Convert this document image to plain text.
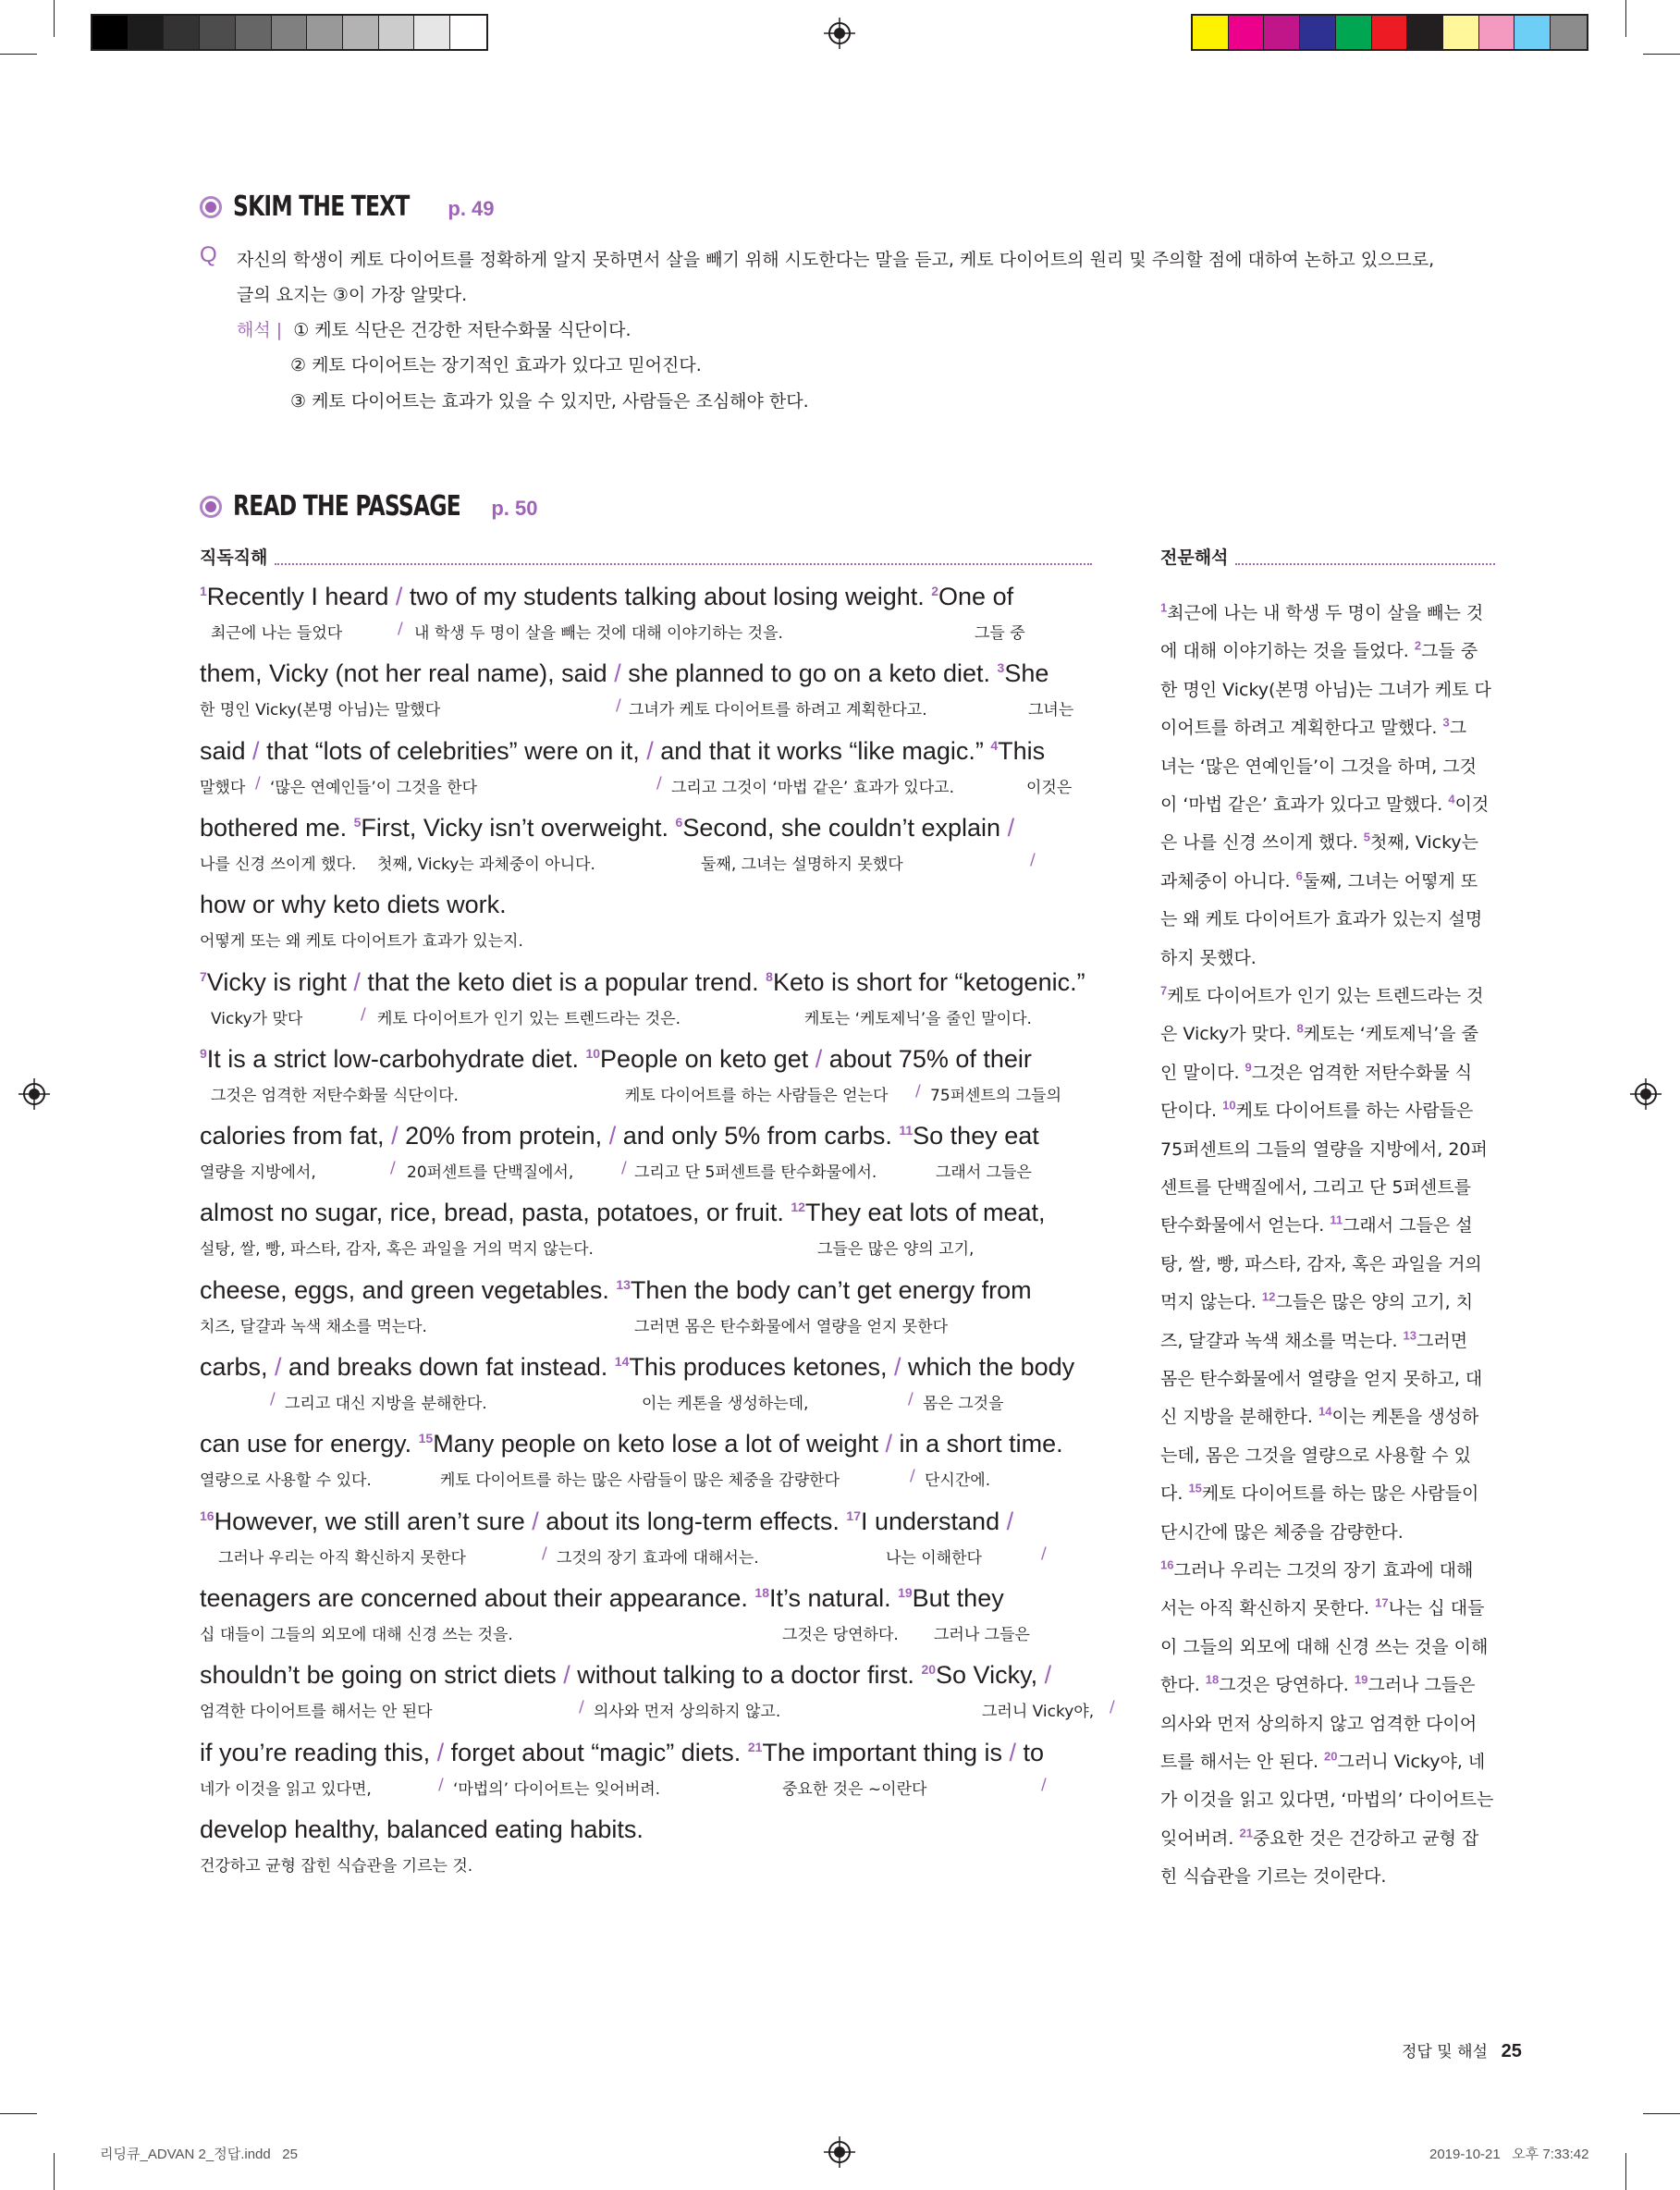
SKIM THE TEXT p. 49
Q 자신의 학생이 케토 다이어트를 정확하게 알지 못하면서 살을 빼기 위해 시도한다는 말을 듣고, 케토 다이어트의 원리 및 주의할 점에 대하여 논하고 있으므로,
글의 요지는 ③이 가장 알맞다.
해석 | ① 케토 식단은 건강한 저탄수화물 식단이다.
② 케토 다이어트는 장기적인 효과가 있다고 믿어진다.
③ 케토 다이어트는 효과가 있을 수 있지만, 사람들은 조심해야 한다.
READ THE PASSAGE p. 50
직독직해	전문해석
$^1$Recently I heard / two of my students talking about losing weight. $^2$One of
최근에 나는 들었다	/ 내 학생 두 명이 살을 빼는 것에 대해 이야기하는 것을.	그들 중
them, Vicky (not her real name), said / she planned to go on a keto diet. $^3$She
한 명인 Vicky(본명 아님)는 말했다	/ 그녀가 케토 다이어트를 하려고 계획한다고.	그녀는
said / that “lots of celebrities” were on it, / and that it works “like magic.” $^4$This
말했다 / ‘많은 연예인들’이 그것을 한다	/ 그리고 그것이 ‘마법 같은’ 효과가 있다고.	이것은
bothered me. $^5$First, Vicky isn’t overweight. $^6$Second, she couldn’t explain /
나를 신경 쓰이게 했다. 첫째, Vicky는 과체중이 아니다.	둘째, 그녀는 설명하지 못했다	/
how or why keto diets work.
어떻게 또는 왜 케토 다이어트가 효과가 있는지.
$^7$Vicky is right / that the keto diet is a popular trend. $^8$Keto is short for “ketogenic.”
Vicky가 맞다	/ 케토 다이어트가 인기 있는 트렌드라는 것은.	케토는 ‘케토제닉’을 줄인 말이다.
$^9$It is a strict low-carbohydrate diet. $^{10}$People on keto get / about 75% of their
그것은 엄격한 저탄수화물 식단이다.	케토 다이어트를 하는 사람들은 얻는다 / 75퍼센트의 그들의
calories from fat, / 20% from protein, / and only 5% from carbs. $^{11}$So they eat
열량을 지방에서,	/ 20퍼센트를 단백질에서,	/ 그리고 단 5퍼센트를 탄수화물에서.	그래서 그들은
almost no sugar, rice, bread, pasta, potatoes, or fruit. $^{12}$They eat lots of meat,
설탕, 쌀, 빵, 파스타, 감자, 혹은 과일을 거의 먹지 않는다.	그들은 많은 양의 고기,
cheese, eggs, and green vegetables. $^{13}$Then the body can’t get energy from
치즈, 달걀과 녹색 채소를 먹는다.	그러면 몸은 탄수화물에서 열량을 얻지 못한다
carbs, / and breaks down fat instead. $^{14}$This produces ketones, / which the body
/ 그리고 대신 지방을 분해한다.	이는 케톤을 생성하는데,	/ 몸은 그것을
can use for energy. $^{15}$Many people on keto lose a lot of weight / in a short time.
열량으로 사용할 수 있다.	케토 다이어트를 하는 많은 사람들이 많은 체중을 감량한다	/ 단시간에.
$^{16}$However, we still aren’t sure / about its long-term effects. $^{17}$I understand /
그러나 우리는 아직 확신하지 못한다	/ 그것의 장기 효과에 대해서는.	나는 이해한다	/
teenagers are concerned about their appearance. $^{18}$It’s natural. $^{19}$But they
십 대들이 그들의 외모에 대해 신경 쓰는 것을.	그것은 당연하다. 그러나 그들은
shouldn’t be going on strict diets / without talking to a doctor first. $^{20}$So Vicky, /
엄격한 다이어트를 해서는 안 된다	/ 의사와 먼저 상의하지 않고.	그러니 Vicky야, /
if you’re reading this, / forget about “magic” diets. $^{21}$The important thing is / to
네가 이것을 읽고 있다면,	/ ‘마법의’ 다이어트는 잊어버려.	중요한 것은 ~이란다	/
develop healthy, balanced eating habits.
건강하고 균형 잡힌 식습관을 기르는 것.
$^1$최근에 나는 내 학생 두 명이 살을 빼는 것
에 대해 이야기하는 것을 들었다. $^2$그들 중
한 명인 Vicky(본명 아님)는 그녀가 케토 다
이어트를 하려고 계획한다고 말했다. $^3$그
녀는 ‘많은 연예인들’이 그것을 하며, 그것
이 ‘마법 같은’ 효과가 있다고 말했다. $^4$이것
은 나를 신경 쓰이게 했다. $^5$첫째, Vicky는
과체중이 아니다. $^6$둘째, 그녀는 어떻게 또
는 왜 케토 다이어트가 효과가 있는지 설명
하지 못했다.
$^7$케토 다이어트가 인기 있는 트렌드라는 것
은 Vicky가 맞다. $^8$케토는 ‘케토제닉’을 줄
인 말이다. $^9$그것은 엄격한 저탄수화물 식
단이다. $^{10}$케토 다이어트를 하는 사람들은
75퍼센트의 그들의 열량을 지방에서, 20퍼
센트를 단백질에서, 그리고 단 5퍼센트를
탄수화물에서 얻는다. $^{11}$그래서 그들은 설
탕, 쌀, 빵, 파스타, 감자, 혹은 과일을 거의
먹지 않는다. $^{12}$그들은 많은 양의 고기, 치
즈, 달걀과 녹색 채소를 먹는다. $^{13}$그러면
몸은 탄수화물에서 열량을 얻지 못하고, 대
신 지방을 분해한다. $^{14}$이는 케톤을 생성하
는데, 몸은 그것을 열량으로 사용할 수 있
다. $^{15}$케토 다이어트를 하는 많은 사람들이
단시간에 많은 체중을 감량한다.
$^{16}$그러나 우리는 그것의 장기 효과에 대해
서는 아직 확신하지 못한다. $^{17}$나는 십 대들
이 그들의 외모에 대해 신경 쓰는 것을 이해
한다. $^{18}$그것은 당연하다. $^{19}$그러나 그들은
의사와 먼저 상의하지 않고 엄격한 다이어
트를 해서는 안 된다. $^{20}$그러니 Vicky야, 네
가 이것을 읽고 있다면, ‘마법의’ 다이어트는
잊어버려. $^{21}$중요한 것은 건강하고 균형 잡
힌 식습관을 기르는 것이란다.
정답 및 해설 25
리딩큐_ADVAN 2_정답.indd   25	2019-10-21   오후 7:33:42
